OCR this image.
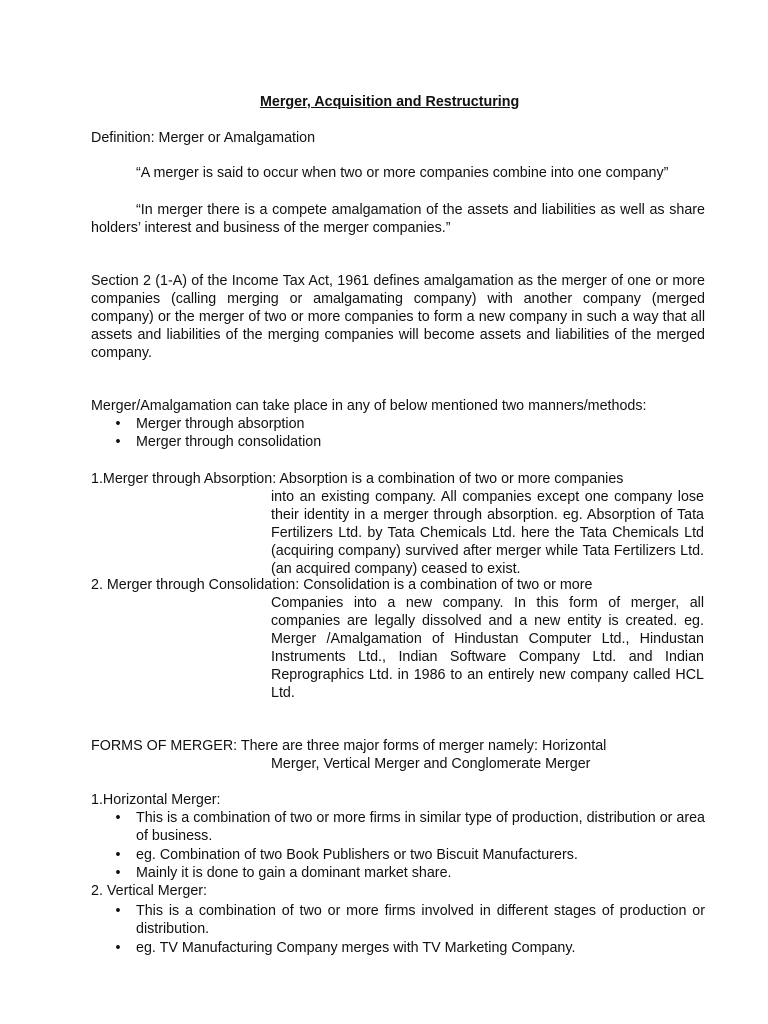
Merger, Acquisition and Restructuring
Definition: Merger or Amalgamation
“A merger is said to occur when two or more companies combine into one company”
“In merger there is a compete amalgamation of the assets and liabilities as well as share holders’ interest and business of the merger companies.”
Section 2 (1-A) of the Income Tax Act, 1961 defines amalgamation as the merger of one or more companies (calling merging or amalgamating company) with another company (merged company) or the merger of two or more companies to form a new company in such a way that all assets and liabilities of the merging companies will become assets and liabilities of the merged company.
Merger/Amalgamation can take place in any of below mentioned two manners/methods:
• Merger through absorption
• Merger through consolidation
1.Merger through Absorption: Absorption is a combination of two or more companies
into an existing company. All companies except one company lose their identity in a merger through absorption. eg. Absorption of Tata Fertilizers Ltd. by Tata Chemicals Ltd. here the Tata Chemicals Ltd (acquiring company) survived after merger while Tata Fertilizers Ltd. (an acquired company) ceased to exist.
2. Merger through Consolidation: Consolidation is a combination of two or more
Companies into a new company. In this form of merger, all companies are legally dissolved and a new entity is created. eg. Merger /Amalgamation of Hindustan Computer Ltd., Hindustan Instruments Ltd., Indian Software Company Ltd. and Indian Reprographics Ltd. in 1986 to an entirely new company called HCL Ltd.
FORMS OF MERGER: There are three major forms of merger namely: Horizontal
Merger, Vertical Merger and Conglomerate Merger
1.Horizontal Merger:
• This is a combination of two or more firms in similar type of production, distribution or area of business.
• eg. Combination of two Book Publishers or two Biscuit Manufacturers.
• Mainly it is done to gain a dominant market share.
2. Vertical Merger:
• This is a combination of two or more firms involved in different stages of production or distribution.
• eg. TV Manufacturing Company merges with TV Marketing Company.
